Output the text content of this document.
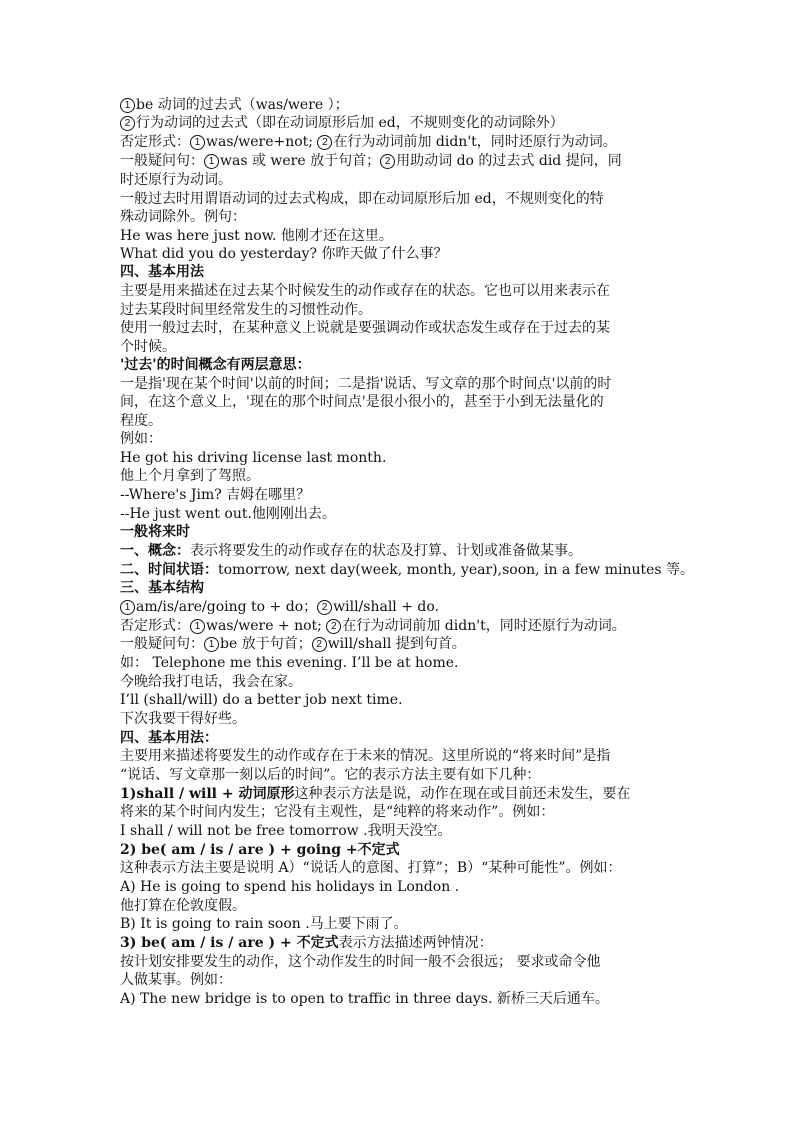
1 be 动词的过去式（was/were ）；
2 行为动词的过去式（即在动词原形后加 ed，不规则变化的动词除外）
否定形式： 1 was/were+not; 2 在行为动词前加 didn't，同时还原行为动词。
一般疑问句： 1 was 或 were 放于句首； 2 用助动词 do 的过去式 did 提问，同
时还原行为动词。
一般过去时用谓语动词的过去式构成，即在动词原形后加 ed，不规则变化的特
殊动词除外。例句：
He was here just now. 他刚才还在这里。
What did you do yesterday? 你昨天做了什么事？
四、基本用法
主要是用来描述在过去某个时候发生的动作或存在的状态。它也可以用来表示在
过去某段时间里经常发生的习惯性动作。
使用一般过去时，在某种意义上说就是要强调动作或状态发生或存在于过去的某
个时候。
'过去'的时间概念有两层意思：
一是指'现在某个时间'以前的时间；二是指'说话、写文章的那个时间点'以前的时
间，在这个意义上，'现在的那个时间点'是很小很小的，甚至于小到无法量化的
程度。
例如：
He got his driving license last month.
他上个月拿到了驾照。
--Where's Jim? 吉姆在哪里？
--He just went out.他刚刚出去。
一般将来时
一、概念：表示将要发生的动作或存在的状态及打算、计划或准备做某事。
二、时间状语：tomorrow, next day(week, month, year),soon, in a few minutes 等。
三、基本结构
1 am/is/are/going to + do； 2 will/shall + do.
否定形式： 1 was/were + not; 2 在行为动词前加 didn't，同时还原行为动词。
一般疑问句： 1 be 放于句首； 2 will/shall 提到句首。
如： Telephone me this evening. I’ll be at home.
今晚给我打电话，我会在家。
I’ll (shall/will) do a better job next time.
下次我要干得好些。
四、基本用法：
主要用来描述将要发生的动作或存在于未来的情况。这里所说的“将来时间”是指
“说话、写文章那一刻以后的时间”。它的表示方法主要有如下几种：
1)shall / will + 动词原形这种表示方法是说，动作在现在或目前还未发生，要在
将来的某个时间内发生；它没有主观性，是“纯粹的将来动作”。例如：
I shall / will not be free tomorrow .我明天没空。
2) be( am / is / are ) + going +不定式
这种表示方法主要是说明 A）“说话人的意图、打算”；B）“某种可能性”。例如：
A) He is going to spend his holidays in London .
他打算在伦敦度假。
B) It is going to rain soon .马上要下雨了。
3) be( am / is / are ) + 不定式表示方法描述两钟情况：
按计划安排要发生的动作，这个动作发生的时间一般不会很远； 要求或命令他
人做某事。例如：
A) The new bridge is to open to traffic in three days. 新桥三天后通车。
